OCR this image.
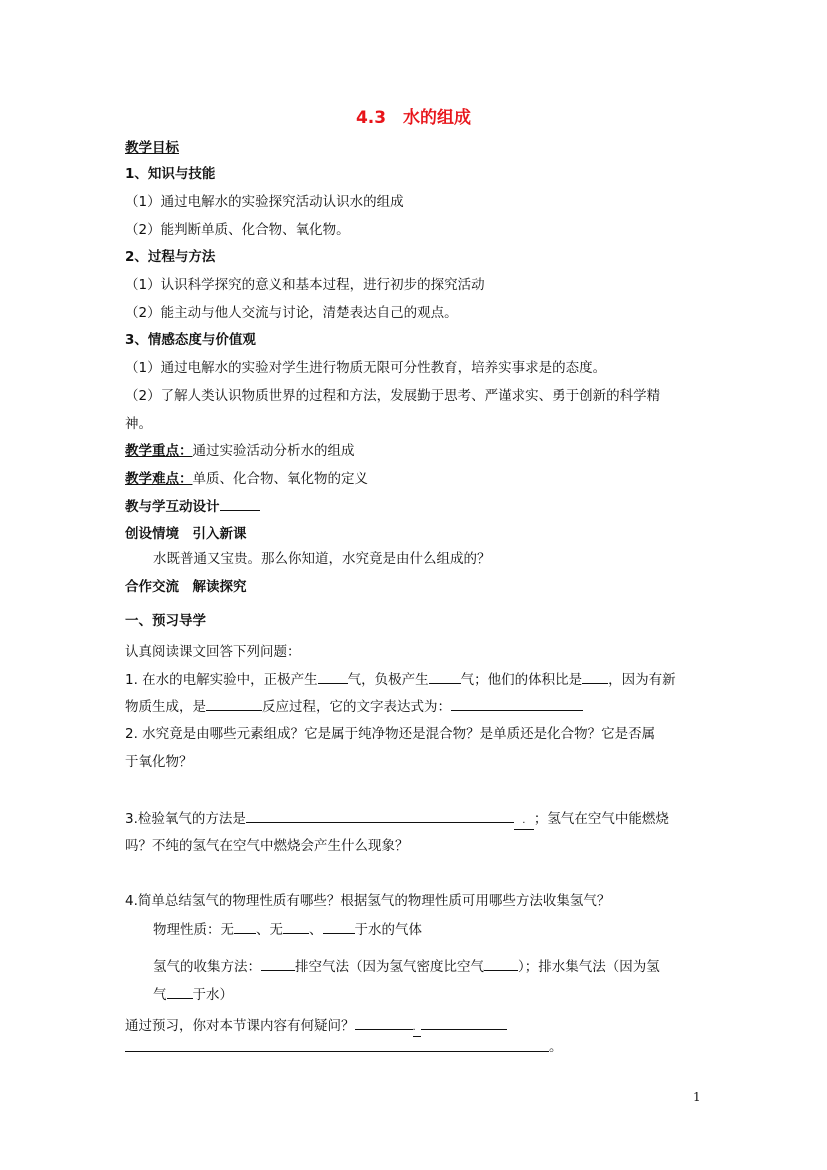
4.3　水的组成
教学目标
1、知识与技能
（1）通过电解水的实验探究活动认识水的组成
（2）能判断单质、化合物、氧化物。
2、过程与方法
（1）认识科学探究的意义和基本过程，进行初步的探究活动
（2）能主动与他人交流与讨论，清楚表达自己的观点。
3、情感态度与价值观
（1）通过电解水的实验对学生进行物质无限可分性教育，培养实事求是的态度。
（2）了解人类认识物质世界的过程和方法，发展勤于思考、严谨求实、勇于创新的科学精
神。
教学重点：通过实验活动分析水的组成
教学难点：单质、化合物、氧化物的定义
教与学互动设计
创设情境　引入新课
水既普通又宝贵。那么你知道，水究竟是由什么组成的？
合作交流　解读探究
一、预习导学
认真阅读课文回答下列问题：
1. 在水的电解实验中，正极产生 气，负极产生 气；他们的体积比是 ，因为有新
物质生成，是	反应过程，它的文字表达式为：
2. 水究竟是由哪些元素组成？它是属于纯净物还是混合物？是单质还是化合物？它是否属
于氧化物？
3.检验氧气的方法是	. ；氢气在空气中能燃烧
吗？不纯的氢气在空气中燃烧会产生什么现象？
4.简单总结氢气的物理性质有哪些？根据氢气的物理性质可用哪些方法收集氢气？
物理性质：无 、无 、 于水的气体
氢气的收集方法：	排空气法（因为氢气密度比空气	）；排水集气法（因为氢
气 于水）
通过预习，你对本节课内容有何疑问？	.
。
1
